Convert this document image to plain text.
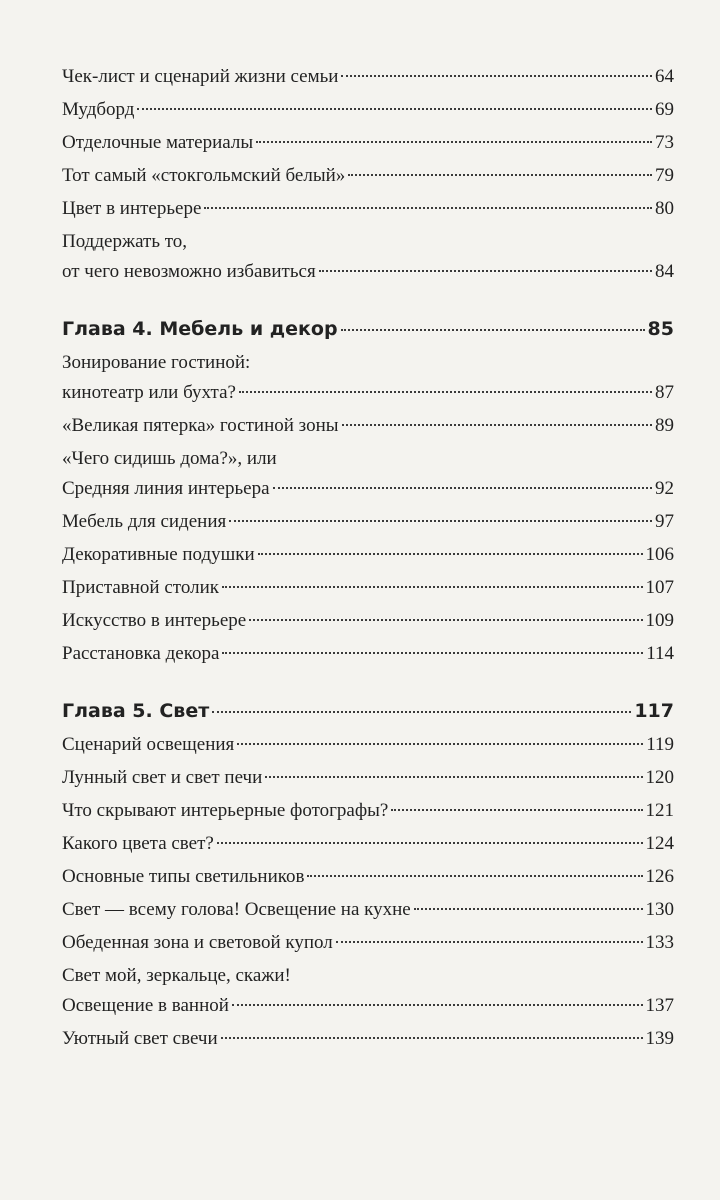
Чек-лист и сценарий жизни семьи	64
Мудборд	69
Отделочные материалы	73
Тот самый «стокгольмский белый»	79
Цвет в интерьере	80
Поддержать то,
от чего невозможно избавиться	84
Глава 4. Мебель и декор	85
Зонирование гостиной:
кинотеатр или бухта?	87
«Великая пятерка» гостиной зоны	89
«Чего сидишь дома?», или
Средняя линия интерьера	92
Мебель для сидения	97
Декоративные подушки	106
Приставной столик	107
Искусство в интерьере	109
Расстановка декора	114
Глава 5. Свет	117
Сценарий освещения	119
Лунный свет и свет печи	120
Что скрывают интерьерные фотографы?	121
Какого цвета свет?	124
Основные типы светильников	126
Свет — всему голова! Освещение на кухне	130
Обеденная зона и световой купол	133
Свет мой, зеркальце, скажи!
Освещение в ванной	137
Уютный свет свечи	139
